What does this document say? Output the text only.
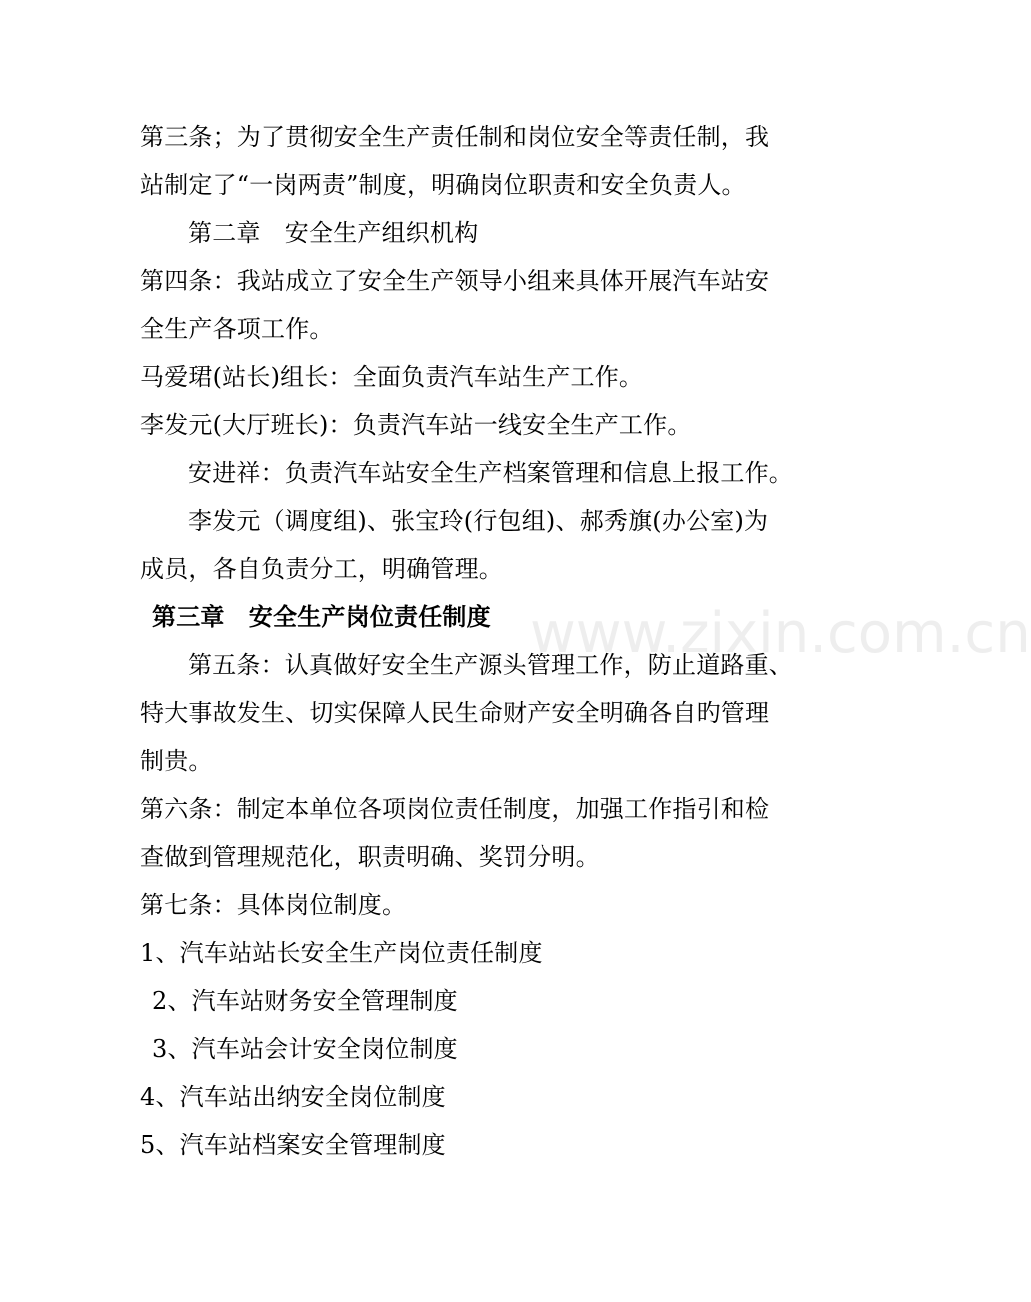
www.zixin.com.cn
第三条；为了贯彻安全生产责任制和岗位安全等责任制，我
站制定了“一岗两责”制度，明确岗位职责和安全负责人。
第二章　安全生产组织机构
第四条：我站成立了安全生产领导小组来具体开展汽车站安
全生产各项工作。
马爱珺(站长)组长：全面负责汽车站生产工作。
李发元(大厅班长)：负责汽车站一线安全生产工作。
安进祥：负责汽车站安全生产档案管理和信息上报工作。
李发元（调度组)、张宝玲(行包组)、郝秀旗(办公室)为
成员，各自负责分工，明确管理。
第三章　安全生产岗位责任制度
第五条：认真做好安全生产源头管理工作，防止道路重、
特大事故发生、切实保障人民生命财产安全明确各自旳管理
制贵。
第六条：制定本单位各项岗位责任制度，加强工作指引和检
查做到管理规范化，职责明确、奖罚分明。
第七条：具体岗位制度。
1、汽车站站长安全生产岗位责任制度
2、汽车站财务安全管理制度
3、汽车站会计安全岗位制度
4、汽车站出纳安全岗位制度
5、汽车站档案安全管理制度
